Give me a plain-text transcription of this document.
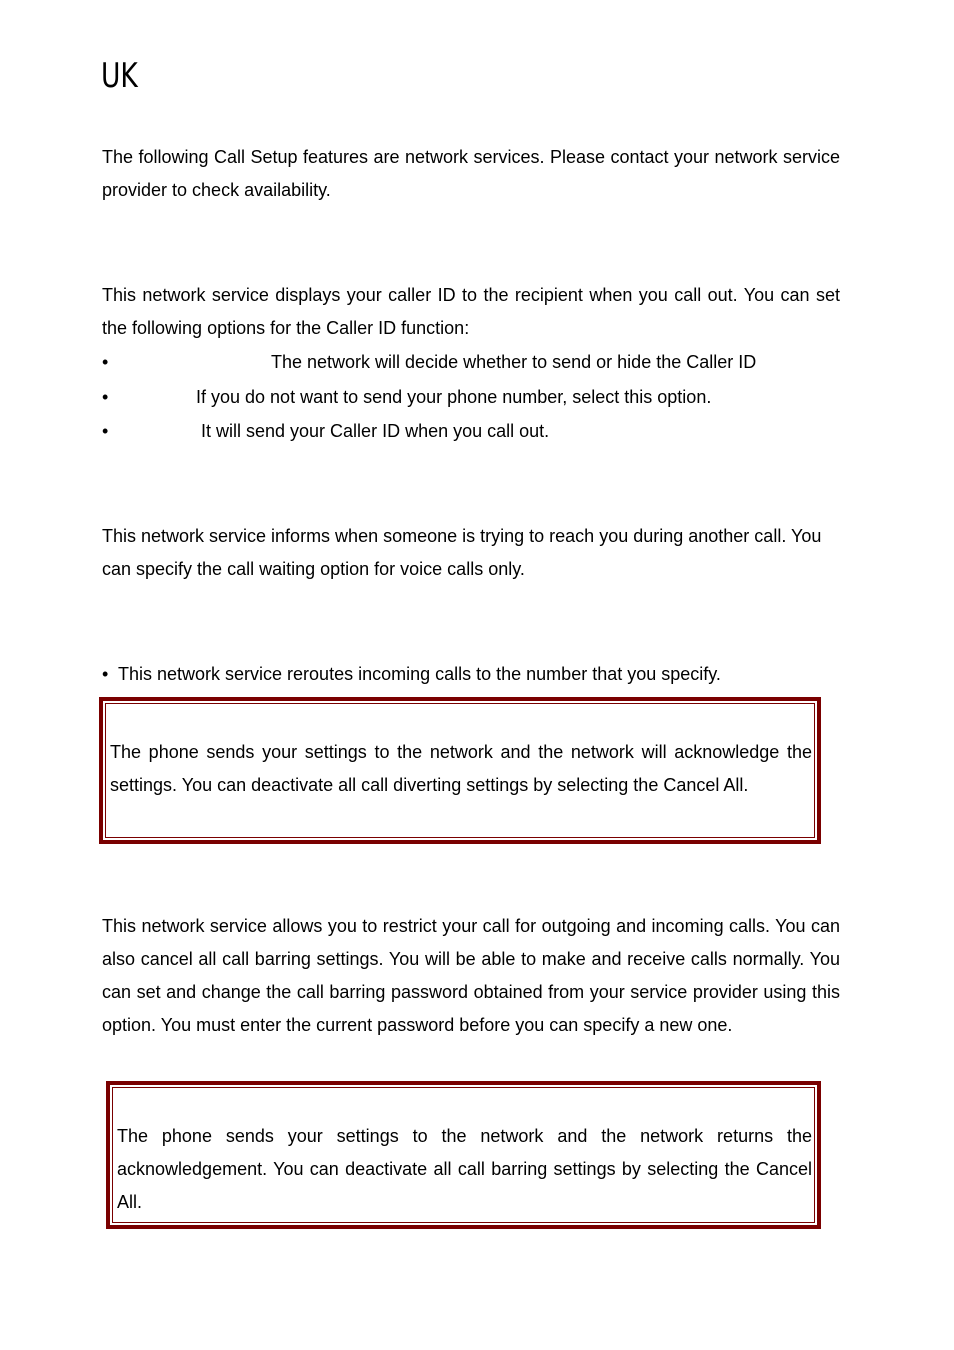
UK

The following Call Setup features are network services. Please contact your network service provider to check availability.

This network service displays your caller ID to the recipient when you call out. You can set the following options for the Caller ID function:

•	The network will decide whether to send or hide the Caller ID
•	If you do not want to send your phone number, select this option.
•	It will send your Caller ID when you call out.

This network service informs when someone is trying to reach you during another call. You can specify the call waiting option for voice calls only.

• This network service reroutes incoming calls to the number that you specify.

The phone sends your settings to the network and the network will acknowledge the settings. You can deactivate all call diverting settings by selecting the Cancel All.

This network service allows you to restrict your call for outgoing and incoming calls. You can also cancel all call barring settings. You will be able to make and receive calls normally. You can set and change the call barring password obtained from your service provider using this option. You must enter the current password before you can specify a new one.

The phone sends your settings to the network and the network returns the acknowledgement. You can deactivate all call barring settings by selecting the Cancel All.
